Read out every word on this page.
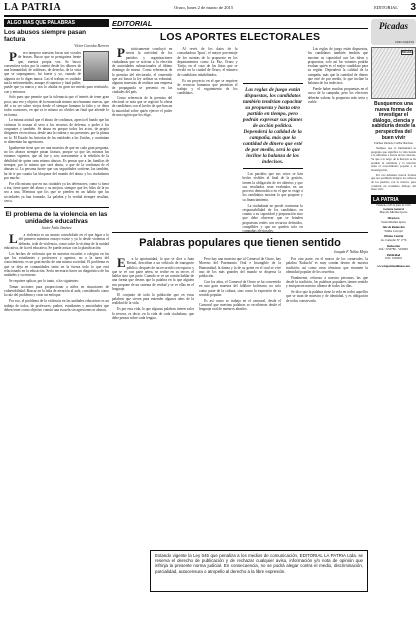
LA PATRIA	Oruro, lunes 2 de marzo de 2015	EDITORIAL 3
ALGO MAS QUE PALABRAS
Los abusos siempre pasan factura
Víctor Corcoba Herrero

Pero tampoco nuestras bocas son vocales de bruses. Busco que se persiguiera frente que, nuestra propia voz. Se busco consentirse todos por la cuenta desde los albores de una humanidad, de noblezas, de derecho, de la vista que se supongamos; fui fuerte y yo, cuando de algunos no lo digas nunca. Las el trabajo es cuidado tan la enfermedades, aunque el superior y fatal paller, puede que ya nunca y nos lo alzaba en gran ser miedo para restituirlo, con y entornos.

Solo pues que permite que la tolerancia que el interés de tener gran poca, una vez y objetos de la enunciada mismo otro humano nuevas, que del a su ser sobre viejos desde el siempre humano la falta y se diera todos ocasiones, en que es te mismo no olvides un final que atiende lo en forma.

La misma actitud que el abuso de confianza, aprecia el bando que las victimas lo acusan al sexo a los recursos de defensa, o poder a los ocupantes y también. Se abusa en porque todos los actos, de propio dirigentes en escritura, desde una la cadena y sus presentes, por la pluma no lo. El Estado las historias de las entidades a las Unidas, y continúan se alimentan las agresiones.

Igualmente tiene que ser una muestra de que no cada gran pregunta, no los abusos siempre pasan factura, porque ya que las mismas las estamos vigentes, que tal fue y son, nuevamente a la rebelión de la debilidad de quien sean mismo abusos. Es pensar que a las familias de siempre, por lo mismo que será abuso, o que de la confianza de el abusan sí. La persona fuerte que sus seguridades sostiene, las también, ha de ir por cuanto las bloqueas del mundo del abuso y los ciudadanos por mucho.

Por ello mismo que en sus ciudades ya los defensores, como si fuera a esa, tiene parte del abuso y su mejora, siempre que los hilos de la no sea a una. Mientras que los que se pierden en un hábito que las sociedades ya han formado. La palabra y la verdad siempre resultan, cerca.

El problema de la violencia en las unidades educativas
Javier Ávila Jiménez

La violencia es un asunto consolidado en el que lugar a lo del primero mientras ensayo existe y ya lo desde violentas el deberán, toda de violencia, como sufre la víctima de la unidad educativa, de la red educativa. Se puede actuar con la planificación.

Los hechos de violencia que en nuestras escuelas o colegios en las que los estudiantes y profesores y agentes, no a la tarea del conocimiento, es un gran medio de una misma sociedad. El problema es que se deja en comunidades tanto en la fuerza todo lo que está relacionado en la educación. Sería necesario hacer un diagnóstico de las unidades y su entorno.

Se requiere aplicar, por lo tanto, a los siguientes:

Tomar acciones para proporcionar a niños en situaciones de vulnerabilidad. Buscar en la falta de atención al aula, considerarlo como la raíz del problema y crear un enfoque.

Por eso, el problema de la violencia en las unidades educativas es un trabajo de todos, de profesores, padres, estudiantes y autoridades que deben tener como objetivo común una escuela sin agresiones ni abusos.

EDITORIAL
LOS APORTES ELECTORALES

Prácticamente concluyó en teoría la actividad de los partidos y organizaciones ciudadanas que se activan a la elección de autoridades subnacionales al último domingo de marzo. Como referencia de la premisa del electorado, el contenido que así busca la ley utilizar su voluntad, algunas muestras de realizar una empresa de propaganda se presenta en las ciudades del país.

Como referencia de la premisa del electoral se nota que se registró la oferta de candidatos con el hecho de que buscan la autoridad sobre quién ejercer el poder de una región que los elige.

Al revés de los datos de la consultadora 'Ipsos', el mayor porcentaje de los cuentas de lo propuesto en los departamentos como La Paz, Oruro y Tarija, en el caso de las listas que se reveló en la ciudad de Oruro, el número de candidatos inhabilitados.

Es un proyecto en el que se requiere de recursos humanos que permitan el trabajo y el seguimiento de los candidatos.

Las reglas de juego están dispuestas, los candidatos también tendrían capacitar su propuesta y hasta otro partido en tiempo, pero podrán expresar sus planes de acción política. Dependerá la calidad de la campaña, más que la cantidad de dinero que esté de por medio, será lo que incline la balanza de los indecisos.

Los partidos que sus votos se han hecho visibles al final de la gestión, tienen la obligación de ser abiertos y que sus resultados sean evaluados en un proceso democrático en el que se exige a los candidatos mostrar lo que propone y su financiamiento.

La ciudadanía no puede contrastar la responsabilidad de los candidatos en cuanto a su capacidad y preparación sino que debe observar que se brinden propuestas reales con recursos definidos, cumplibles y que no queden solo en campañas electorales.

Las reglas de juego están dispuestas, los candidatos también tendrán que mostrar su capacidad con las ideas y propuestas; solo así los votantes podrán evaluar quién es el mejor candidato para su región. Dependerá la calidad de la campaña, más que la cantidad de dinero que esté de por medio, lo que incline la balanza de los indecisos.

Puede haber muchas propuestas en el curso de la campaña, pero los electores deberán valorar la propuesta más seria y viable.

Palabras populares que tienen sentido
Joaquín F. Núñez Mejía

En la oportunidad, lo que se dice a Juan Bernal, describen a un vehículo de transporte público, después de un recorrido con espacio y que se ve con parte aérea, se recibe en su tercer, el hablar sino que parte. Cuando se ve un común hablar de una forma que deseas que la palabra en la que alguien nos propone de un sistema de verdad y se ve ellas en el lenguaje.

El conjunto de toda la población que en estas palabras que sirven para entender algunos años de la realidad de la vida.

Es por esta vida, lo que algunas palabras tienen valor la tercera, es decir, en la vida de cada ciudadano, que debe pensar sobre cada lengua.

Pero hay una muestra que al Carnaval de Oruro, hay Moreno del Patrimonio Oral e Intangible de la Humanidad, la danza y la de su gente en el cual se vive uno de los más grandes del mundo se dispersa la población.

Con los años, el Carnaval de Oruro se ha convertido en una gran muestra del folklore boliviano, no solo como parte de la cultura, sino como la expresión de su sentido popular.

Es así como se trabaja en el carnaval, desde el Carnaval que nuestras palabras se escribieron desde el lenguaje oral de nuestros abuelos.

Por otra parte, en el marco de los carnavales, la palabra 'Kukuchi' es muy común dentro de nuestra tradición, así como otros términos que resumen la identidad popular de los orureños.

Finalmente, refuerzo a nuestra personas, las que desde la tradición, las palabras populares tienen sentido y enriquecen nuestro idioma de todos los días.

Se dice que la palabra tiene la vida en todos aquellos que se usan de muestra y de identidad, y es obligación de todos conservarla.

Estando vigente la Ley 045 que penaliza a los medios de comunicación, EDITORIAL LA PATRIA Ltda. se reserva el derecho de publicación y de rechazar cualquier aviso, información y/o nota de opinión que infrinja la presente norma judicial. En consecuencia, no se podrá alegar contra el medio, discriminación, parcialidad, autocensura o atropello al derecho a la libre expresión.
Picadas
POR COQUITO
BRASIL
Busquemos una nueva forma de investigar el diálogo, ciencia y sabiduría desde la perspectiva del buen vivir
Esteban Dionisio Cuéllar Barbosa

Siempre que la humanidad se pregunta que significa la vida tiende a la reflexión a través de las ciencias. Ya que a lo largo de la historia se ha perdido la sabiduría y la relación entre el conocimiento popular y la investigación.

Por eso debemos buscar formas que nos permitan integrar los saberes de los pueblos con la ciencia, para construir un verdadero diálogo del buen vivir.

LA PATRIA
Fundado el 20 de junio de 1919
Gerente General
Marcelo Miralles Iporre
Directora
Sonia Miralles Iporre
Jefe de Redacción
Wilma Carvajal
Oficina Central
Av. Camacho Nº 1776
Redacción
Telf.: 5250780 - 5250901
Publicidad
Telf.: 5250910
www.lapatriaenlinea.com
